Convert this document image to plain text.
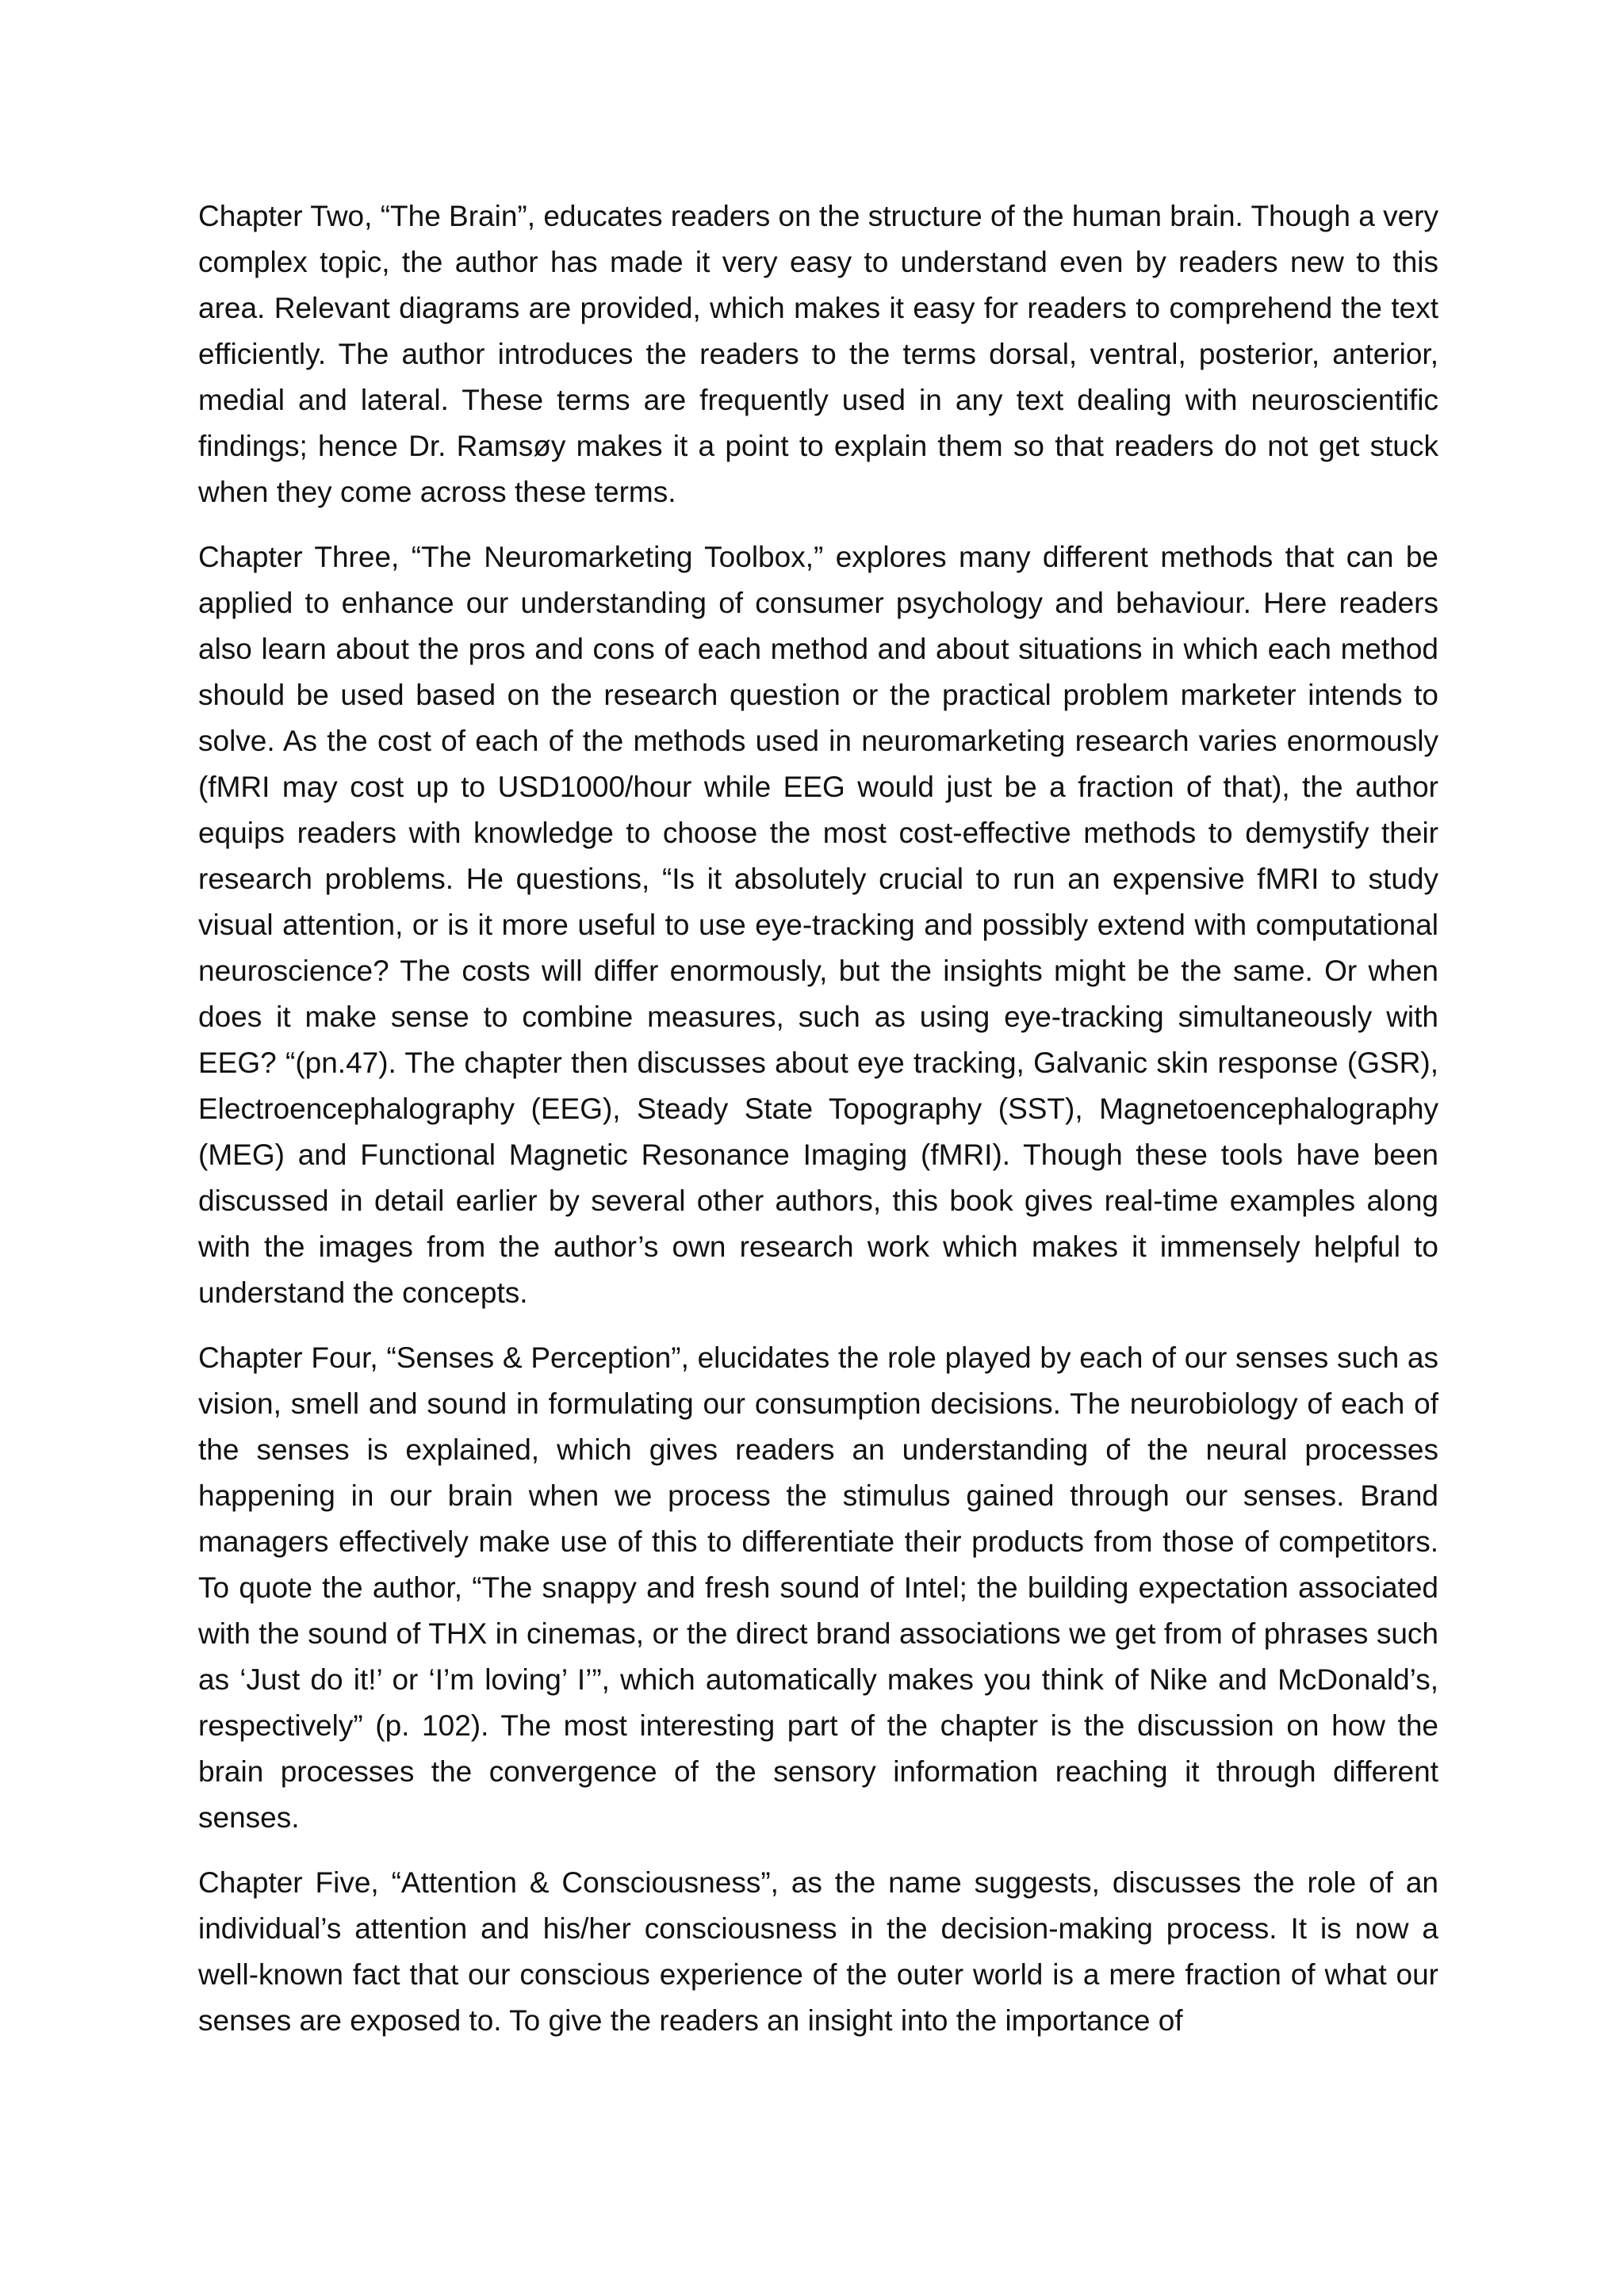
Chapter Two, “The Brain”, educates readers on the structure of the human brain. Though a very complex topic, the author has made it very easy to understand even by readers new to this area. Relevant diagrams are provided, which makes it easy for readers to comprehend the text efficiently. The author introduces the readers to the terms dorsal, ventral, posterior, anterior, medial and lateral. These terms are frequently used in any text dealing with neuroscientific findings; hence Dr. Ramsøy makes it a point to explain them so that readers do not get stuck when they come across these terms.

Chapter Three, “The Neuromarketing Toolbox,” explores many different methods that can be applied to enhance our understanding of consumer psychology and behaviour. Here readers also learn about the pros and cons of each method and about situations in which each method should be used based on the research question or the practical problem marketer intends to solve. As the cost of each of the methods used in neuromarketing research varies enormously (fMRI may cost up to USD1000/hour while EEG would just be a fraction of that), the author equips readers with knowledge to choose the most cost-effective methods to demystify their research problems. He questions, “Is it absolutely crucial to run an expensive fMRI to study visual attention, or is it more useful to use eye-tracking and possibly extend with computational neuroscience? The costs will differ enormously, but the insights might be the same. Or when does it make sense to combine measures, such as using eye-tracking simultaneously with EEG? “(pn.47). The chapter then discusses about eye tracking, Galvanic skin response (GSR), Electroencephalography (EEG), Steady State Topography (SST), Magnetoencephalography (MEG) and Functional Magnetic Resonance Imaging (fMRI). Though these tools have been discussed in detail earlier by several other authors, this book gives real-time examples along with the images from the author’s own research work which makes it immensely helpful to understand the concepts.

Chapter Four, “Senses & Perception”, elucidates the role played by each of our senses such as vision, smell and sound in formulating our consumption decisions. The neurobiology of each of the senses is explained, which gives readers an understanding of the neural processes happening in our brain when we process the stimulus gained through our senses. Brand managers effectively make use of this to differentiate their products from those of competitors. To quote the author, “The snappy and fresh sound of Intel; the building expectation associated with the sound of THX in cinemas, or the direct brand associations we get from of phrases such as ‘Just do it!’ or ‘I’m loving’ I’”, which automatically makes you think of Nike and McDonald’s, respectively” (p. 102). The most interesting part of the chapter is the discussion on how the brain processes the convergence of the sensory information reaching it through different senses.

Chapter Five, “Attention & Consciousness”, as the name suggests, discusses the role of an individual’s attention and his/her consciousness in the decision-making process. It is now a well-known fact that our conscious experience of the outer world is a mere fraction of what our senses are exposed to. To give the readers an insight into the importance of
